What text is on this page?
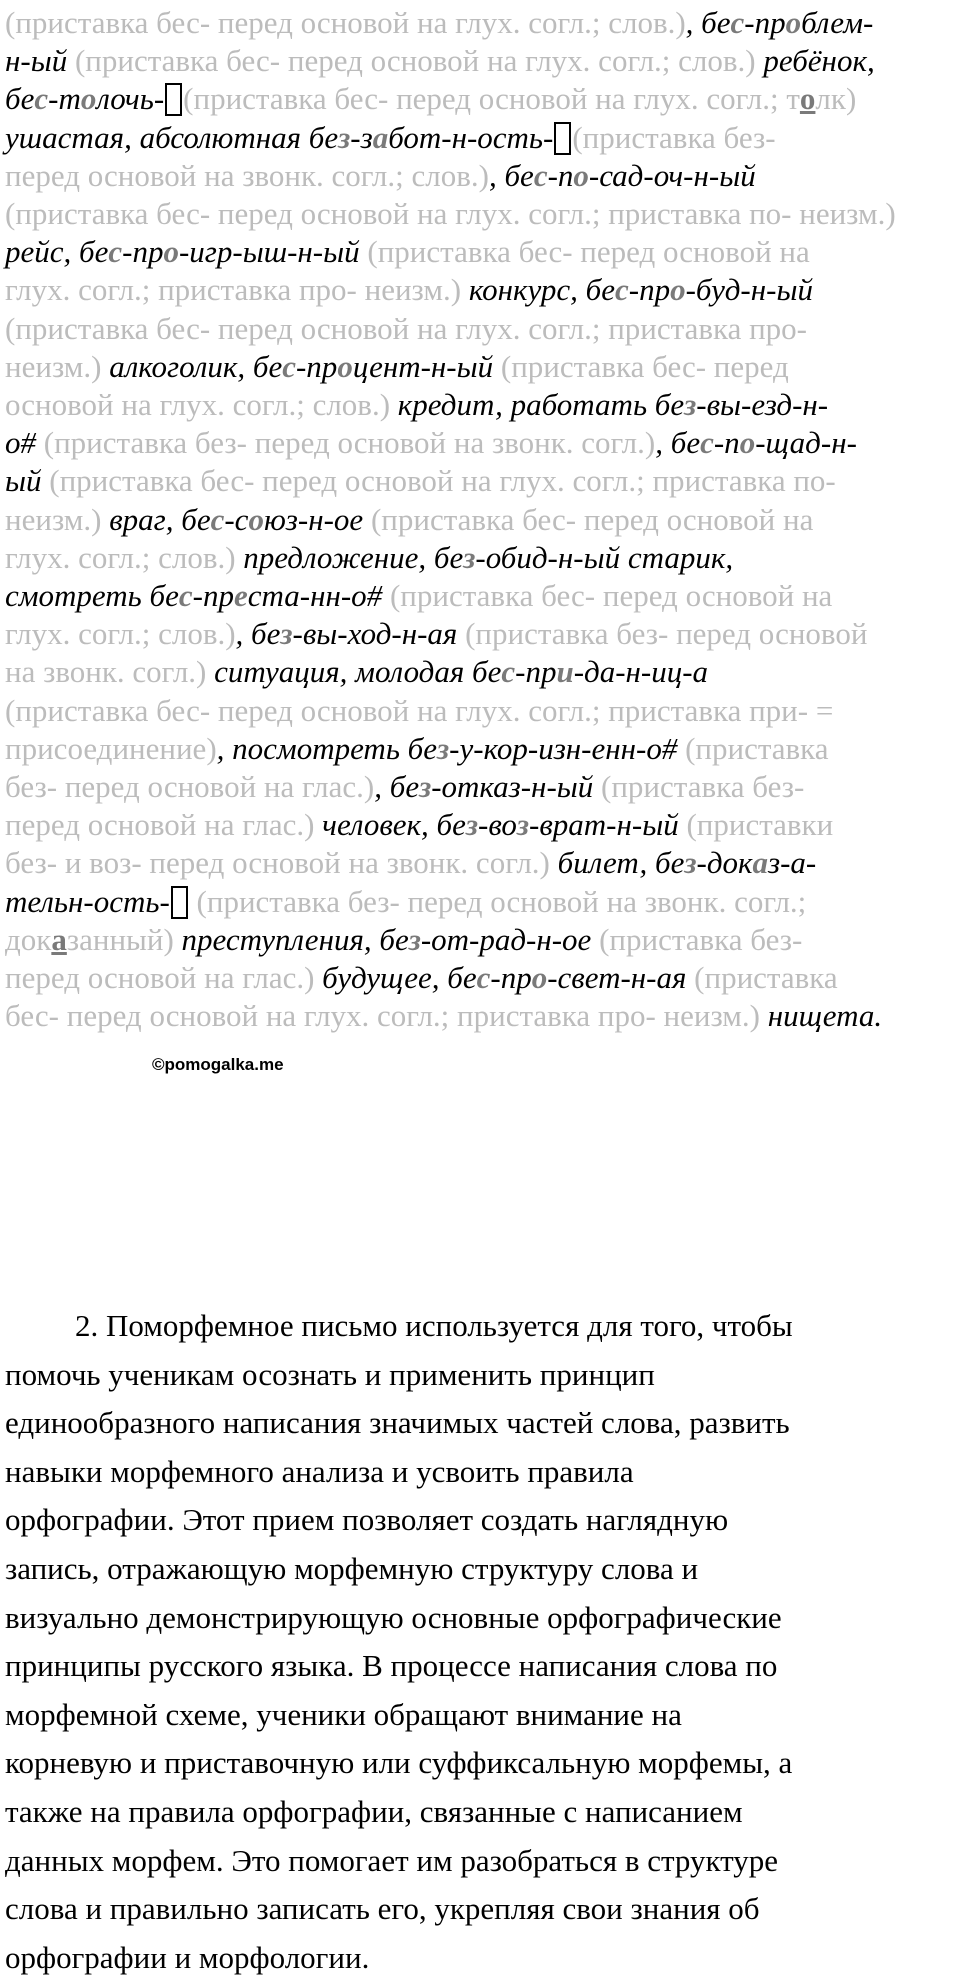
(приставка бес- перед основой на глух. согл.; слов.), бес-проблем-
н-ый (приставка бес- перед основой на глух. согл.; слов.) ребёнок,
бес-толочь- (приставка бес- перед основой на глух. согл.; толк)
ушастая, абсолютная без-забот-н-ость- (приставка без-
перед основой на звонк. согл.; слов.), бес-по-сад-оч-н-ый
(приставка бес- перед основой на глух. согл.; приставка по- неизм.)
рейс, бес-про-игр-ыш-н-ый (приставка бес- перед основой на
глух. согл.; приставка про- неизм.) конкурс, бес-про-буд-н-ый
(приставка бес- перед основой на глух. согл.; приставка про-
неизм.) алкоголик, бес-процент-н-ый (приставка бес- перед
основой на глух. согл.; слов.) кредит, работать без-вы-езд-н-
о# (приставка без- перед основой на звонк. согл.), бес-по-щад-н-
ый (приставка бес- перед основой на глух. согл.; приставка по-
неизм.) враг, бес-союз-н-ое (приставка бес- перед основой на
глух. согл.; слов.) предложение, без-обид-н-ый старик,
смотреть бес-преста-нн-о# (приставка бес- перед основой на
глух. согл.; слов.), без-вы-ход-н-ая (приставка без- перед основой
на звонк. согл.) ситуация, молодая бес-при-да-н-иц-а
(приставка бес- перед основой на глух. согл.; приставка при- =
присоединение), посмотреть без-у-кор-изн-енн-о# (приставка
без- перед основой на глас.), без-отказ-н-ый (приставка без-
перед основой на глас.) человек, без-воз-врат-н-ый (приставки
без- и воз- перед основой на звонк. согл.) билет, без-доказ-а-
тельн-ость- (приставка без- перед основой на звонк. согл.;
доказанный) преступления, без-от-рад-н-ое (приставка без-
перед основой на глас.) будущее, бес-про-свет-н-ая (приставка
бес- перед основой на глух. согл.; приставка про- неизм.) нищета.
©pomogalka.me

2. Поморфемное письмо используется для того, чтобы

помочь ученикам осознать и применить принцип

единообразного написания значимых частей слова, развить

навыки морфемного анализа и усвоить правила

орфографии. Этот прием позволяет создать наглядную

запись, отражающую морфемную структуру слова и

визуально демонстрирующую основные орфографические

принципы русского языка. В процессе написания слова по

морфемной схеме, ученики обращают внимание на

корневую и приставочную или суффиксальную морфемы, а

также на правила орфографии, связанные с написанием

данных морфем. Это помогает им разобраться в структуре

слова и правильно записать его, укрепляя свои знания об

орфографии и морфологии.
